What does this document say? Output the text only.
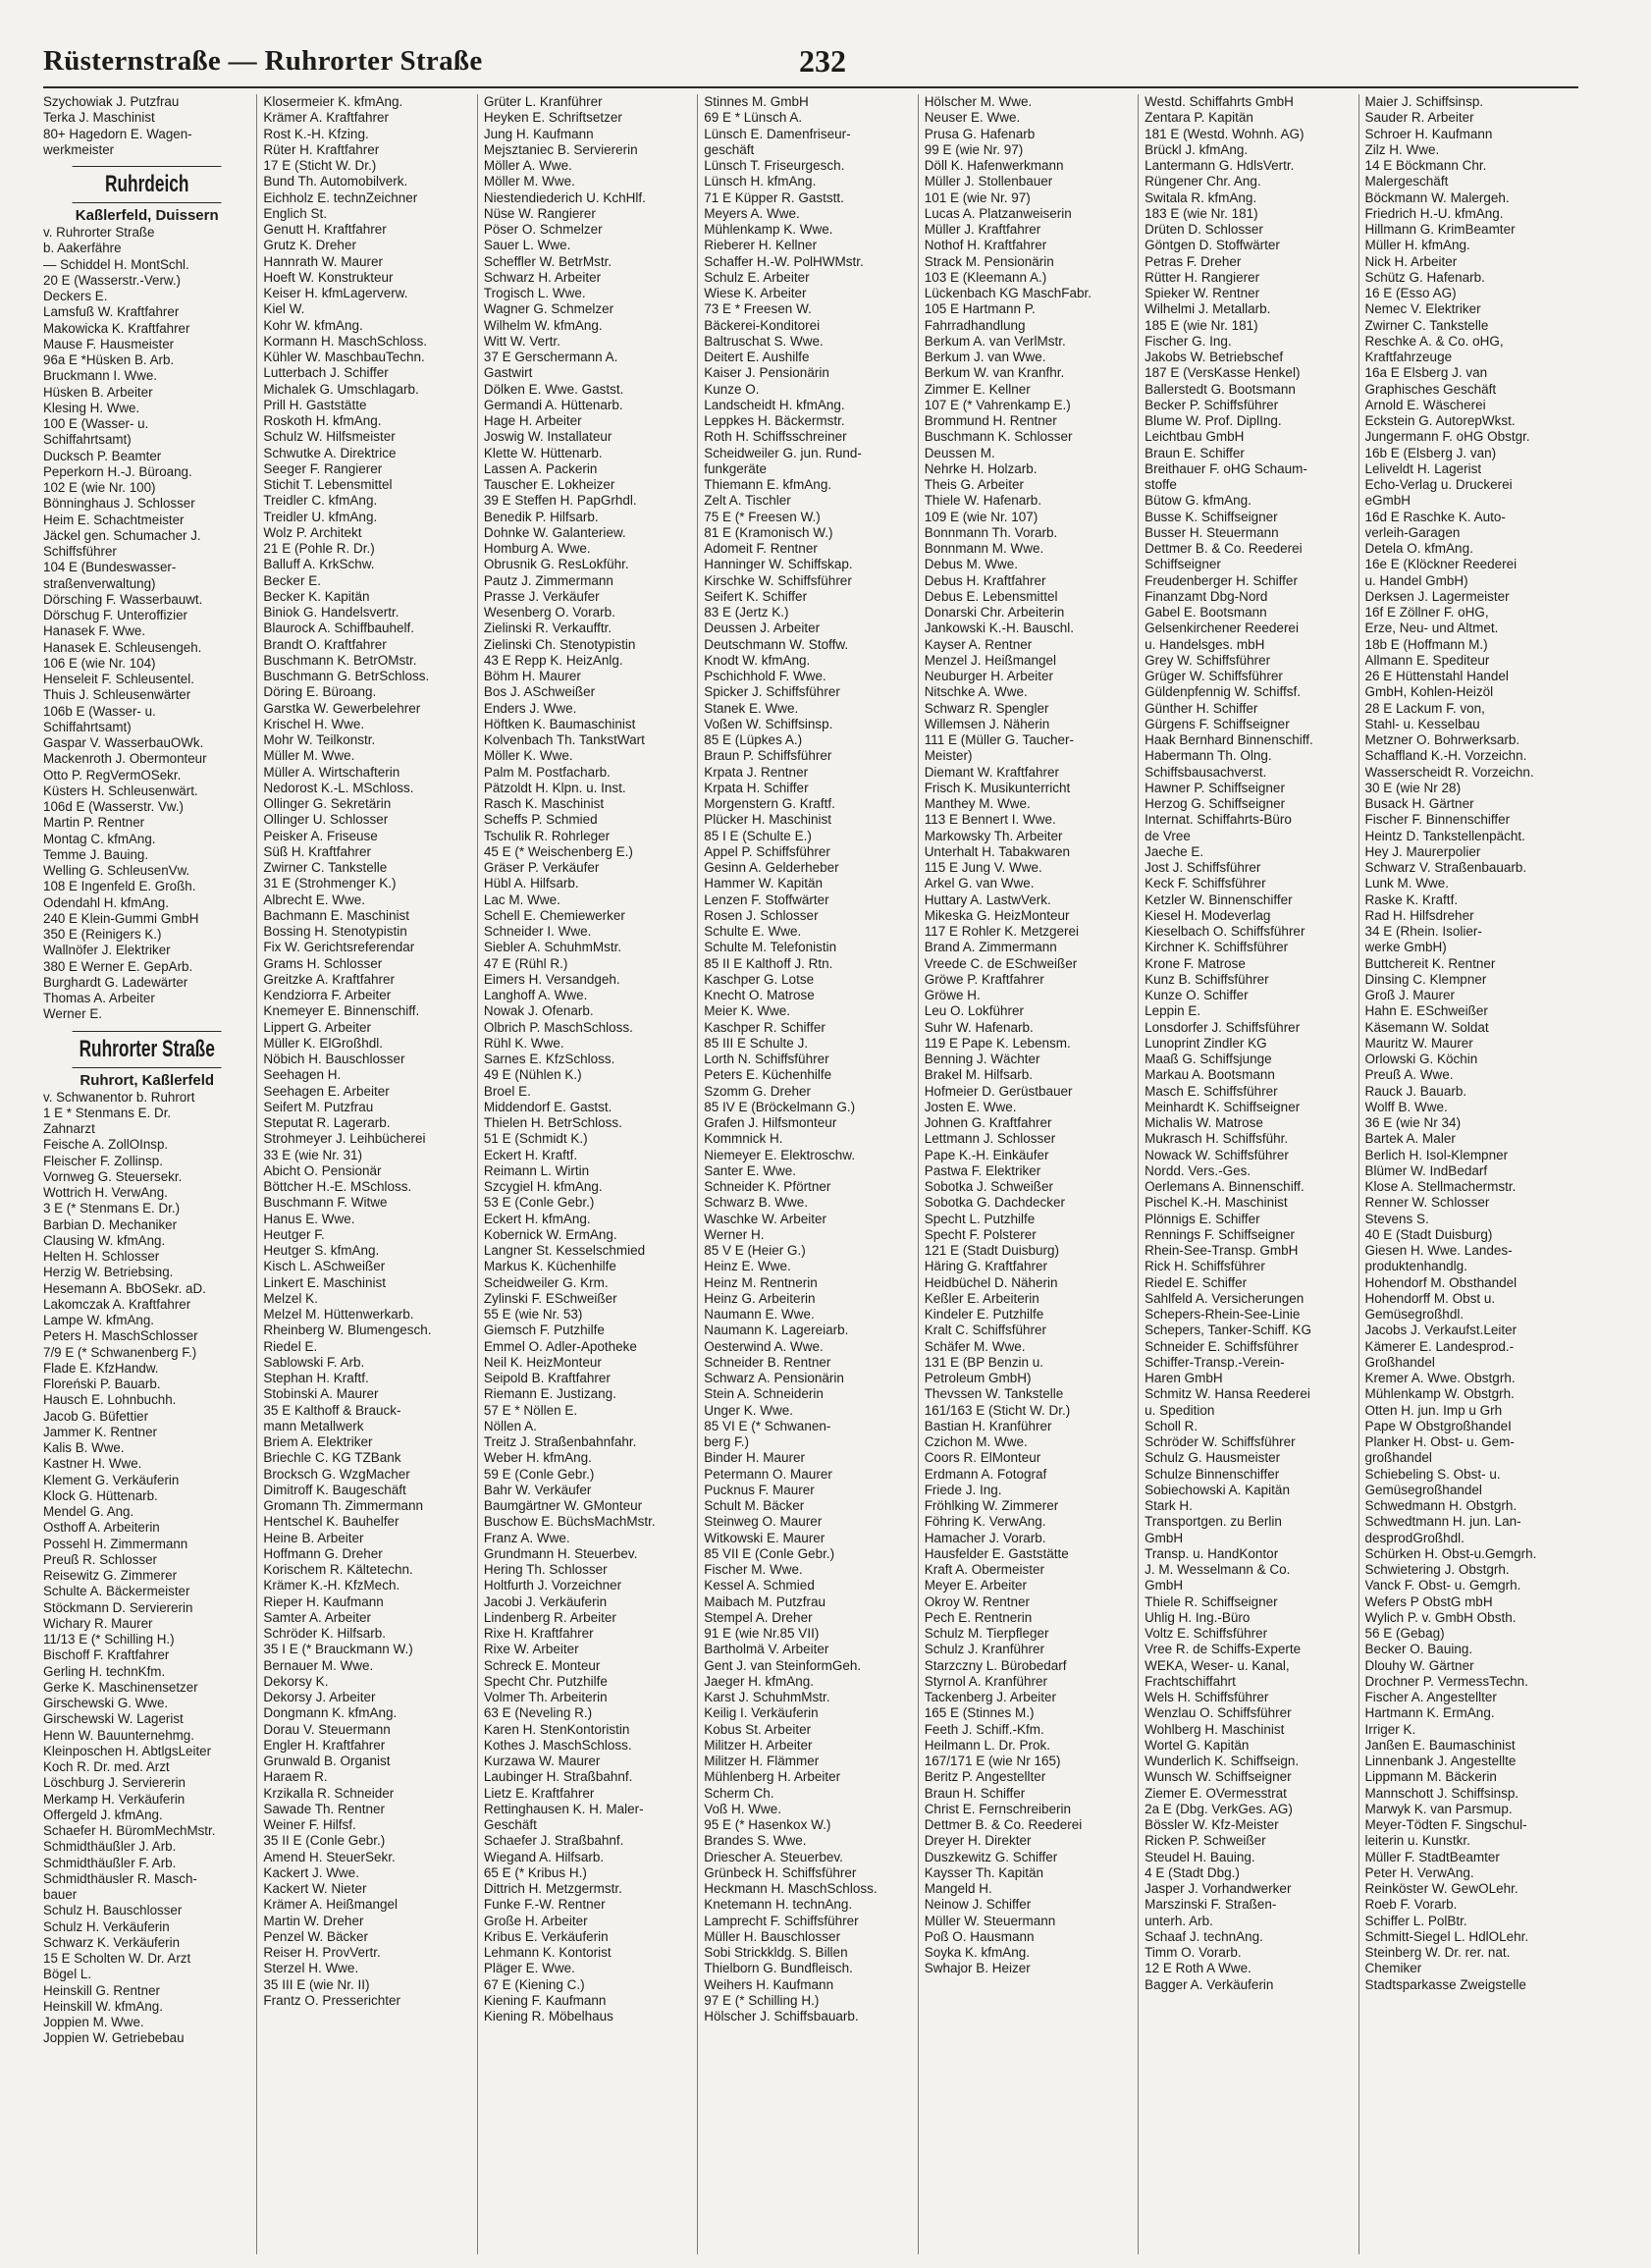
Rüsternstraße — Ruhrorter Straße	232
Szychowiak J. Putzfrau
Terka J. Maschinist
80+ Hagedorn E. Wagen-
werkmeister
Ruhrdeich
Kaßlerfeld, Duissern
v. Ruhrorter Straße
b. Aakerfähre
— Schiddel H. MontSchl.
20 E (Wasserstr.-Verw.)
Deckers E.
Lamsfuß W. Kraftfahrer
Makowicka K. Kraftfahrer
Mause F. Hausmeister
96a E *Hüsken B. Arb.
Bruckmann I. Wwe.
Hüsken B. Arbeiter
Klesing H. Wwe.
100 E (Wasser- u.
Schiffahrtsamt)
Ducksch P. Beamter
Peperkorn H.-J. Büroang.
102 E (wie Nr. 100)
Bönninghaus J. Schlosser
Heim E. Schachtmeister
Jäckel gen. Schumacher J.
Schiffsführer
104 E (Bundeswasser-
straßenverwaltung)
Dörsching F. Wasserbauwt.
Dörschug F. Unteroffizier
Hanasek F. Wwe.
Hanasek E. Schleusengeh.
106 E (wie Nr. 104)
Henseleit F. Schleusentel.
Thuis J. Schleusenwärter
106b E (Wasser- u.
Schiffahrtsamt)
Gaspar V. WasserbauOWk.
Mackenroth J. Obermonteur
Otto P. RegVermOSekr.
Küsters H. Schleusenwärt.
106d E (Wasserstr. Vw.)
Martin P. Rentner
Montag C. kfmAng.
Temme J. Bauing.
Welling G. SchleusenVw.
108 E Ingenfeld E. Großh.
Odendahl H. kfmAng.
240 E Klein-Gummi GmbH
350 E (Reinigers K.)
Wallnöfer J. Elektriker
380 E Werner E. GepArb.
Burghardt G. Ladewärter
Thomas A. Arbeiter
Werner E.
Ruhrorter Straße
Ruhrort, Kaßlerfeld
v. Schwanentor b. Ruhrort
1 E * Stenmans E. Dr.
Zahnarzt
Feische A. ZollOInsp.
Fleischer F. Zollinsp.
Vornweg G. Steuersekr.
Wottrich H. VerwAng.
3 E (* Stenmans E. Dr.)
Barbian D. Mechaniker
Clausing W. kfmAng.
Helten H. Schlosser
Herzig W. Betriebsing.
Hesemann A. BbOSekr. aD.
Lakomczak A. Kraftfahrer
Lampe W. kfmAng.
Peters H. MaschSchlosser
7/9 E (* Schwanenberg F.)
Flade E. KfzHandw.
Floreński P. Bauarb.
Hausch E. Lohnbuchh.
Jacob G. Büfettier
Jammer K. Rentner
Kalis B. Wwe.
Kastner H. Wwe.
Klement G. Verkäuferin
Klock G. Hüttenarb.
Mendel G. Ang.
Osthoff A. Arbeiterin
Possehl H. Zimmermann
Preuß R. Schlosser
Reisewitz G. Zimmerer
Schulte A. Bäckermeister
Stöckmann D. Serviererin
Wichary R. Maurer
11/13 E (* Schilling H.)
Bischoff F. Kraftfahrer
Gerling H. technKfm.
Gerke K. Maschinensetzer
Girschewski G. Wwe.
Girschewski W. Lagerist
Henn W. Bauunternehmg.
Kleinposchen H. AbtlgsLeiter
Koch R. Dr. med. Arzt
Löschburg J. Serviererin
Merkamp H. Verkäuferin
Offergeld J. kfmAng.
Schaefer H. BüromMechMstr.
Schmidthäußler J. Arb.
Schmidthäußler F. Arb.
Schmidthäusler R. Masch-
bauer
Schulz H. Bauschlosser
Schulz H. Verkäuferin
Schwarz K. Verkäuferin
15 E Scholten W. Dr. Arzt
Bögel L.
Heinskill G. Rentner
Heinskill W. kfmAng.
Joppien M. Wwe.
Joppien W. Getriebebau
Klosermeier K. kfmAng.
Krämer A. Kraftfahrer
Rost K.-H. Kfzing.
Rüter H. Kraftfahrer
17 E (Sticht W. Dr.)
Bund Th. Automobilverk.
Eichholz E. technZeichner
Englich St.
Genutt H. Kraftfahrer
Grutz K. Dreher
Hannrath W. Maurer
Hoeft W. Konstrukteur
Keiser H. kfmLagerverw.
Kiel W.
Kohr W. kfmAng.
Kormann H. MaschSchloss.
Kühler W. MaschbauTechn.
Lutterbach J. Schiffer
Michalek G. Umschlagarb.
Prill H. Gaststätte
Roskoth H. kfmAng.
Schulz W. Hilfsmeister
Schwutke A. Direktrice
Seeger F. Rangierer
Stichit T. Lebensmittel
Treidler C. kfmAng.
Treidler U. kfmAng.
Wolz P. Architekt
21 E (Pohle R. Dr.)
Balluff A. KrkSchw.
Becker E.
Becker K. Kapitän
Biniok G. Handelsvertr.
Blaurock A. Schiffbauhelf.
Brandt O. Kraftfahrer
Buschmann K. BetrOMstr.
Buschmann G. BetrSchloss.
Döring E. Büroang.
Garstka W. Gewerbelehrer
Krischel H. Wwe.
Mohr W. Teilkonstr.
Müller M. Wwe.
Müller A. Wirtschafterin
Nedorost K.-L. MSchloss.
Ollinger G. Sekretärin
Ollinger U. Schlosser
Peisker A. Friseuse
Süß H. Kraftfahrer
Zwirner C. Tankstelle
31 E (Strohmenger K.)
Albrecht E. Wwe.
Bachmann E. Maschinist
Bossing H. Stenotypistin
Fix W. Gerichtsreferendar
Grams H. Schlosser
Greitzke A. Kraftfahrer
Kendziorra F. Arbeiter
Knemeyer E. Binnenschiff.
Lippert G. Arbeiter
Müller K. ElGroßhdl.
Nöbich H. Bauschlosser
Seehagen H.
Seehagen E. Arbeiter
Seifert M. Putzfrau
Steputat R. Lagerarb.
Strohmeyer J. Leihbücherei
33 E (wie Nr. 31)
Abicht O. Pensionär
Böttcher H.-E. MSchloss.
Buschmann F. Witwe
Hanus E. Wwe.
Heutger F.
Heutger S. kfmAng.
Kisch L. ASchweißer
Linkert E. Maschinist
Melzel K.
Melzel M. Hüttenwerkarb.
Rheinberg W. Blumengesch.
Riedel E.
Sablowski F. Arb.
Stephan H. Kraftf.
Stobinski A. Maurer
35 E Kalthoff & Brauck-
mann Metallwerk
Briem A. Elektriker
Briechle C. KG TZBank
Brocksch G. WzgMacher
Dimitroff K. Baugeschäft
Gromann Th. Zimmermann
Hentschel K. Bauhelfer
Heine B. Arbeiter
Hoffmann G. Dreher
Korischem R. Kältetechn.
Krämer K.-H. KfzMech.
Rieper H. Kaufmann
Samter A. Arbeiter
Schröder K. Hilfsarb.
35 I E (* Brauckmann W.)
Bernauer M. Wwe.
Dekorsy K.
Dekorsy J. Arbeiter
Dongmann K. kfmAng.
Dorau V. Steuermann
Engler H. Kraftfahrer
Grunwald B. Organist
Haraem R.
Krzikalla R. Schneider
Sawade Th. Rentner
Weiner F. Hilfsf.
35 II E (Conle Gebr.)
Amend H. SteuerSekr.
Kackert J. Wwe.
Kackert W. Nieter
Krämer A. Heißmangel
Martin W. Dreher
Penzel W. Bäcker
Reiser H. ProvVertr.
Sterzel H. Wwe.
35 III E (wie Nr. II)
Frantz O. Presserichter
Grüter L. Kranführer
Heyken E. Schriftsetzer
Jung H. Kaufmann
Mejsztaniec B. Serviererin
Möller A. Wwe.
Möller M. Wwe.
Niestendiederich U. KchHlf.
Nüse W. Rangierer
Pöser O. Schmelzer
Sauer L. Wwe.
Scheffler W. BetrMstr.
Schwarz H. Arbeiter
Trogisch L. Wwe.
Wagner G. Schmelzer
Wilhelm W. kfmAng.
Witt W. Vertr.
37 E Gerschermann A.
Gastwirt
Dölken E. Wwe. Gastst.
Germandi A. Hüttenarb.
Hage H. Arbeiter
Joswig W. Installateur
Klette W. Hüttenarb.
Lassen A. Packerin
Tauscher E. Lokheizer
39 E Steffen H. PapGrhdl.
Benedik P. Hilfsarb.
Dohnke W. Galanteriew.
Homburg A. Wwe.
Obrusnik G. ResLokführ.
Pautz J. Zimmermann
Prasse J. Verkäufer
Wesenberg O. Vorarb.
Zielinski R. Verkaufftr.
Zielinski Ch. Stenotypistin
43 E Repp K. HeizAnlg.
Böhm H. Maurer
Bos J. ASchweißer
Enders J. Wwe.
Höftken K. Baumaschinist
Kolvenbach Th. TankstWart
Möller K. Wwe.
Palm M. Postfacharb.
Pätzoldt H. Klpn. u. Inst.
Rasch K. Maschinist
Scheffs P. Schmied
Tschulik R. Rohrleger
45 E (* Weischenberg E.)
Gräser P. Verkäufer
Hübl A. Hilfsarb.
Lac M. Wwe.
Schell E. Chemiewerker
Schneider I. Wwe.
Siebler A. SchuhmMstr.
47 E (Rühl R.)
Eimers H. Versandgeh.
Langhoff A. Wwe.
Nowak J. Ofenarb.
Olbrich P. MaschSchloss.
Rühl K. Wwe.
Sarnes E. KfzSchloss.
49 E (Nühlen K.)
Broel E.
Middendorf E. Gastst.
Thielen H. BetrSchloss.
51 E (Schmidt K.)
Eckert H. Kraftf.
Reimann L. Wirtin
Szcygiel H. kfmAng.
53 E (Conle Gebr.)
Eckert H. kfmAng.
Kobernick W. ErmAng.
Langner St. Kesselschmied
Markus K. Küchenhilfe
Scheidweiler G. Krm.
Zylinski F. ESchweißer
55 E (wie Nr. 53)
Giemsch F. Putzhilfe
Emmel O. Adler-Apotheke
Neil K. HeizMonteur
Seipold B. Kraftfahrer
Riemann E. Justizang.
57 E * Nöllen E.
Nöllen A.
Treitz J. Straßenbahnfahr.
Weber H. kfmAng.
59 E (Conle Gebr.)
Bahr W. Verkäufer
Baumgärtner W. GMonteur
Buschow E. BüchsMachMstr.
Franz A. Wwe.
Grundmann H. Steuerbev.
Hering Th. Schlosser
Holtfurth J. Vorzeichner
Jacobi J. Verkäuferin
Lindenberg R. Arbeiter
Rixe H. Kraftfahrer
Rixe W. Arbeiter
Schreck E. Monteur
Specht Chr. Putzhilfe
Volmer Th. Arbeiterin
63 E (Neveling R.)
Karen H. StenKontoristin
Kothes J. MaschSchloss.
Kurzawa W. Maurer
Laubinger H. Straßbahnf.
Lietz E. Kraftfahrer
Rettinghausen K. H. Maler-
Geschäft
Schaefer J. Straßbahnf.
Wiegand A. Hilfsarb.
65 E (* Kribus H.)
Dittrich H. Metzgermstr.
Funke F.-W. Rentner
Große H. Arbeiter
Kribus E. Verkäuferin
Lehmann K. Kontorist
Pläger E. Wwe.
67 E (Kiening C.)
Kiening F. Kaufmann
Kiening R. Möbelhaus
Stinnes M. GmbH
69 E * Lünsch A.
Lünsch E. Damenfriseur-
geschäft
Lünsch T. Friseurgesch.
Lünsch H. kfmAng.
71 E Küpper R. Gaststt.
Meyers A. Wwe.
Mühlenkamp K. Wwe.
Rieberer H. Kellner
Schaffer H.-W. PolHWMstr.
Schulz E. Arbeiter
Wiese K. Arbeiter
73 E * Freesen W.
Bäckerei-Konditorei
Baltruschat S. Wwe.
Deitert E. Aushilfe
Kaiser J. Pensionärin
Kunze O.
Landscheidt H. kfmAng.
Leppkes H. Bäckermstr.
Roth H. Schiffsschreiner
Scheidweiler G. jun. Rund-
funkgeräte
Thiemann E. kfmAng.
Zelt A. Tischler
75 E (* Freesen W.)
81 E (Kramonisch W.)
Adomeit F. Rentner
Hanninger W. Schiffskap.
Kirschke W. Schiffsführer
Seifert K. Schiffer
83 E (Jertz K.)
Deussen J. Arbeiter
Deutschmann W. Stoffw.
Knodt W. kfmAng.
Pschichhold F. Wwe.
Spicker J. Schiffsführer
Stanek E. Wwe.
Voßen W. Schiffsinsp.
85 E (Lüpkes A.)
Braun P. Schiffsführer
Krpata J. Rentner
Krpata H. Schiffer
Morgenstern G. Kraftf.
Plücker H. Maschinist
85 I E (Schulte E.)
Appel P. Schiffsführer
Gesinn A. Gelderheber
Hammer W. Kapitän
Lenzen F. Stoffwärter
Rosen J. Schlosser
Schulte E. Wwe.
Schulte M. Telefonistin
85 II E Kalthoff J. Rtn.
Kaschper G. Lotse
Knecht O. Matrose
Meier K. Wwe.
Kaschper R. Schiffer
85 III E Schulte J.
Lorth N. Schiffsführer
Peters E. Küchenhilfe
Szomm G. Dreher
85 IV E (Bröckelmann G.)
Grafen J. Hilfsmonteur
Kommnick H.
Niemeyer E. Elektroschw.
Santer E. Wwe.
Schneider K. Pförtner
Schwarz B. Wwe.
Waschke W. Arbeiter
Werner H.
85 V E (Heier G.)
Heinz E. Wwe.
Heinz M. Rentnerin
Heinz G. Arbeiterin
Naumann E. Wwe.
Naumann K. Lagereiarb.
Oesterwind A. Wwe.
Schneider B. Rentner
Schwarz A. Pensionärin
Stein A. Schneiderin
Unger K. Wwe.
85 VI E (* Schwanen-
berg F.)
Binder H. Maurer
Petermann O. Maurer
Pucknus F. Maurer
Schult M. Bäcker
Steinweg O. Maurer
Witkowski E. Maurer
85 VII E (Conle Gebr.)
Fischer M. Wwe.
Kessel A. Schmied
Maibach M. Putzfrau
Stempel A. Dreher
91 E (wie Nr.85 VII)
Bartholmä V. Arbeiter
Gent J. van SteinformGeh.
Jaeger H. kfmAng.
Karst J. SchuhmMstr.
Keilig I. Verkäuferin
Kobus St. Arbeiter
Militzer H. Arbeiter
Militzer H. Flämmer
Mühlenberg H. Arbeiter
Scherm Ch.
Voß H. Wwe.
95 E (* Hasenkox W.)
Brandes S. Wwe.
Driescher A. Steuerbev.
Grünbeck H. Schiffsführer
Heckmann H. MaschSchloss.
Knetemann H. technAng.
Lamprecht F. Schiffsführer
Müller H. Bauschlosser
Sobi Strickkldg. S. Billen
Thielborn G. Bundfleisch.
Weihers H. Kaufmann
97 E (* Schilling H.)
Hölscher J. Schiffsbauarb.
Hölscher M. Wwe.
Neuser E. Wwe.
Prusa G. Hafenarb
99 E (wie Nr. 97)
Döll K. Hafenwerkmann
Müller J. Stollenbauer
101 E (wie Nr. 97)
Lucas A. Platzanweiserin
Müller J. Kraftfahrer
Nothof H. Kraftfahrer
Strack M. Pensionärin
103 E (Kleemann A.)
Lückenbach KG MaschFabr.
105 E Hartmann P.
Fahrradhandlung
Berkum A. van VerlMstr.
Berkum J. van Wwe.
Berkum W. van Kranfhr.
Zimmer E. Kellner
107 E (* Vahrenkamp E.)
Brommund H. Rentner
Buschmann K. Schlosser
Deussen M.
Nehrke H. Holzarb.
Theis G. Arbeiter
Thiele W. Hafenarb.
109 E (wie Nr. 107)
Bonnmann Th. Vorarb.
Bonnmann M. Wwe.
Debus M. Wwe.
Debus H. Kraftfahrer
Debus E. Lebensmittel
Donarski Chr. Arbeiterin
Jankowski K.-H. Bauschl.
Kayser A. Rentner
Menzel J. Heißmangel
Neuburger H. Arbeiter
Nitschke A. Wwe.
Schwarz R. Spengler
Willemsen J. Näherin
111 E (Müller G. Taucher-
Meister)
Diemant W. Kraftfahrer
Frisch K. Musikunterricht
Manthey M. Wwe.
113 E Bennert I. Wwe.
Markowsky Th. Arbeiter
Unterhalt H. Tabakwaren
115 E Jung V. Wwe.
Arkel G. van Wwe.
Huttary A. LastwVerk.
Mikeska G. HeizMonteur
117 E Rohler K. Metzgerei
Brand A. Zimmermann
Vreede C. de ESchweißer
Gröwe P. Kraftfahrer
Gröwe H.
Leu O. Lokführer
Suhr W. Hafenarb.
119 E Pape K. Lebensm.
Benning J. Wächter
Brakel M. Hilfsarb.
Hofmeier D. Gerüstbauer
Josten E. Wwe.
Johnen G. Kraftfahrer
Lettmann J. Schlosser
Pape K.-H. Einkäufer
Pastwa F. Elektriker
Sobotka J. Schweißer
Sobotka G. Dachdecker
Specht L. Putzhilfe
Specht F. Polsterer
121 E (Stadt Duisburg)
Häring G. Kraftfahrer
Heidbüchel D. Näherin
Keßler E. Arbeiterin
Kindeler E. Putzhilfe
Kralt C. Schiffsführer
Schäfer M. Wwe.
131 E (BP Benzin u.
Petroleum GmbH)
Thevssen W. Tankstelle
161/163 E (Sticht W. Dr.)
Bastian H. Kranführer
Czichon M. Wwe.
Coors R. ElMonteur
Erdmann A. Fotograf
Friede J. Ing.
Fröhlking W. Zimmerer
Föhring K. VerwAng.
Hamacher J. Vorarb.
Hausfelder E. Gaststätte
Kraft A. Obermeister
Meyer E. Arbeiter
Okroy W. Rentner
Pech E. Rentnerin
Schulz M. Tierpfleger
Schulz J. Kranführer
Starzczny L. Bürobedarf
Styrnol A. Kranführer
Tackenberg J. Arbeiter
165 E (Stinnes M.)
Feeth J. Schiff.-Kfm.
Heilmann L. Dr. Prok.
167/171 E (wie Nr 165)
Beritz P. Angestellter
Braun H. Schiffer
Christ E. Fernschreiberin
Dettmer B. & Co. Reederei
Dreyer H. Direkter
Duszkewitz G. Schiffer
Kaysser Th. Kapitän
Mangeld H.
Neinow J. Schiffer
Müller W. Steuermann
Poß O. Hausmann
Soyka K. kfmAng.
Swhajor B. Heizer
Westd. Schiffahrts GmbH
Zentara P. Kapitän
181 E (Westd. Wohnh. AG)
Brückl J. kfmAng.
Lantermann G. HdlsVertr.
Rüngener Chr. Ang.
Switala R. kfmAng.
183 E (wie Nr. 181)
Drüten D. Schlosser
Göntgen D. Stoffwärter
Petras F. Dreher
Rütter H. Rangierer
Spieker W. Rentner
Wilhelmi J. Metallarb.
185 E (wie Nr. 181)
Fischer G. Ing.
Jakobs W. Betriebschef
187 E (VersKasse Henkel)
Ballerstedt G. Bootsmann
Becker P. Schiffsführer
Blume W. Prof. DiplIng.
Leichtbau GmbH
Braun E. Schiffer
Breithauer F. oHG Schaum-
stoffe
Bütow G. kfmAng.
Busse K. Schiffseigner
Busser H. Steuermann
Dettmer B. & Co. Reederei
Schiffseigner
Freudenberger H. Schiffer
Finanzamt Dbg-Nord
Gabel E. Bootsmann
Gelsenkirchener Reederei
u. Handelsges. mbH
Grey W. Schiffsführer
Grüger W. Schiffsführer
Güldenpfennig W. Schiffsf.
Günther H. Schiffer
Gürgens F. Schiffseigner
Haak Bernhard Binnenschiff.
Habermann Th. Olng.
Schiffsbausachverst.
Hawner P. Schiffseigner
Herzog G. Schiffseigner
Internat. Schiffahrts-Büro
de Vree
Jaeche E.
Jost J. Schiffsführer
Keck F. Schiffsführer
Ketzler W. Binnenschiffer
Kiesel H. Modeverlag
Kieselbach O. Schiffsführer
Kirchner K. Schiffsführer
Krone F. Matrose
Kunz B. Schiffsführer
Kunze O. Schiffer
Leppin E.
Lonsdorfer J. Schiffsführer
Lunoprint Zindler KG
Maaß G. Schiffsjunge
Markau A. Bootsmann
Masch E. Schiffsführer
Meinhardt K. Schiffseigner
Michalis W. Matrose
Mukrasch H. Schiffsführ.
Nowack W. Schiffsführer
Nordd. Vers.-Ges.
Oerlemans A. Binnenschiff.
Pischel K.-H. Maschinist
Plönnigs E. Schiffer
Rennings F. Schiffseigner
Rhein-See-Transp. GmbH
Rick H. Schiffsführer
Riedel E. Schiffer
Sahlfeld A. Versicherungen
Schepers-Rhein-See-Linie
Schepers, Tanker-Schiff. KG
Schneider E. Schiffsführer
Schiffer-Transp.-Verein-
Haren GmbH
Schmitz W. Hansa Reederei
u. Spedition
Scholl R.
Schröder W. Schiffsführer
Schulz G. Hausmeister
Schulze Binnenschiffer
Sobiechowski A. Kapitän
Stark H.
Transportgen. zu Berlin
GmbH
Transp. u. HandKontor
J. M. Wesselmann & Co.
GmbH
Thiele R. Schiffseigner
Uhlig H. Ing.-Büro
Voltz E. Schiffsführer
Vree R. de Schiffs-Experte
WEKA, Weser- u. Kanal,
Frachtschiffahrt
Wels H. Schiffsführer
Wenzlau O. Schiffsführer
Wohlberg H. Maschinist
Wortel G. Kapitän
Wunderlich K. Schiffseign.
Wunsch W. Schiffseigner
Ziemer E. OVermesstrat
2a E (Dbg. VerkGes. AG)
Bössler W. Kfz-Meister
Ricken P. Schweißer
Steudel H. Bauing.
4 E (Stadt Dbg.)
Jasper J. Vorhandwerker
Marszinski F. Straßen-
unterh. Arb.
Schaaf J. technAng.
Timm O. Vorarb.
12 E Roth A Wwe.
Bagger A. Verkäuferin
Maier J. Schiffsinsp.
Sauder R. Arbeiter
Schroer H. Kaufmann
Zilz H. Wwe.
14 E Böckmann Chr.
Malergeschäft
Böckmann W. Malergeh.
Friedrich H.-U. kfmAng.
Hillmann G. KrimBeamter
Müller H. kfmAng.
Nick H. Arbeiter
Schütz G. Hafenarb.
16 E (Esso AG)
Nemec V. Elektriker
Zwirner C. Tankstelle
Reschke A. & Co. oHG,
Kraftfahrzeuge
16a E Elsberg J. van
Graphisches Geschäft
Arnold E. Wäscherei
Eckstein G. AutorepWkst.
Jungermann F. oHG Obstgr.
16b E (Elsberg J. van)
Leliveldt H. Lagerist
Echo-Verlag u. Druckerei
eGmbH
16d E Raschke K. Auto-
verleih-Garagen
Detela O. kfmAng.
16e E (Klöckner Reederei
u. Handel GmbH)
Derksen J. Lagermeister
16f E Zöllner F. oHG,
Erze, Neu- und Altmet.
18b E (Hoffmann M.)
Allmann E. Spediteur
26 E Hüttenstahl Handel
GmbH, Kohlen-Heizöl
28 E Lackum F. von,
Stahl- u. Kesselbau
Metzner O. Bohrwerksarb.
Schaffland K.-H. Vorzeichn.
Wasserscheidt R. Vorzeichn.
30 E (wie Nr 28)
Busack H. Gärtner
Fischer F. Binnenschiffer
Heintz D. Tankstellenpächt.
Hey J. Maurerpolier
Schwarz V. Straßenbauarb.
Lunk M. Wwe.
Raske K. Kraftf.
Rad H. Hilfsdreher
34 E (Rhein. Isolier-
werke GmbH)
Buttchereit K. Rentner
Dinsing C. Klempner
Groß J. Maurer
Hahn E. ESchweißer
Käsemann W. Soldat
Mauritz W. Maurer
Orlowski G. Köchin
Preuß A. Wwe.
Rauck J. Bauarb.
Wolff B. Wwe.
36 E (wie Nr 34)
Bartek A. Maler
Berlich H. Isol-Klempner
Blümer W. IndBedarf
Klose A. Stellmachermstr.
Renner W. Schlosser
Stevens S.
40 E (Stadt Duisburg)
Giesen H. Wwe. Landes-
produktenhandlg.
Hohendorf M. Obsthandel
Hohendorff M. Obst u.
Gemüsegroßhdl.
Jacobs J. Verkaufst.Leiter
Kämerer E. Landesprod.-
Großhandel
Kremer A. Wwe. Obstgrh.
Mühlenkamp W. Obstgrh.
Otten H. jun. Imp u Grh
Pape W ObstgroßhandeI
Planker H. Obst- u. Gem-
großhandel
Schiebeling S. Obst- u.
Gemüsegroßhandel
Schwedmann H. Obstgrh.
Schwedtmann H. jun. Lan-
desprodGroßhdl.
Schürken H. Obst-u.Gemgrh.
Schwietering J. Obstgrh.
Vanck F. Obst- u. Gemgrh.
Wefers P ObstG mbH
Wylich P. v. GmbH Obsth.
56 E (Gebag)
Becker O. Bauing.
Dlouhy W. Gärtner
Drochner P. VermessTechn.
Fischer A. Angestellter
Hartmann K. ErmAng.
Irriger K.
Janßen E. Baumaschinist
Linnenbank J. Angestellte
Lippmann M. Bäckerin
Mannschott J. Schiffsinsp.
Marwyk K. van Parsmup.
Meyer-Tödten F. Singschul-
leiterin u. Kunstkr.
Müller F. StadtBeamter
Peter H. VerwAng.
Reinköster W. GewOLehr.
Roeb F. Vorarb.
Schiffer L. PolBtr.
Schmitt-Siegel L. HdlOLehr.
Steinberg W. Dr. rer. nat.
Chemiker
Stadtsparkasse Zweigstelle
